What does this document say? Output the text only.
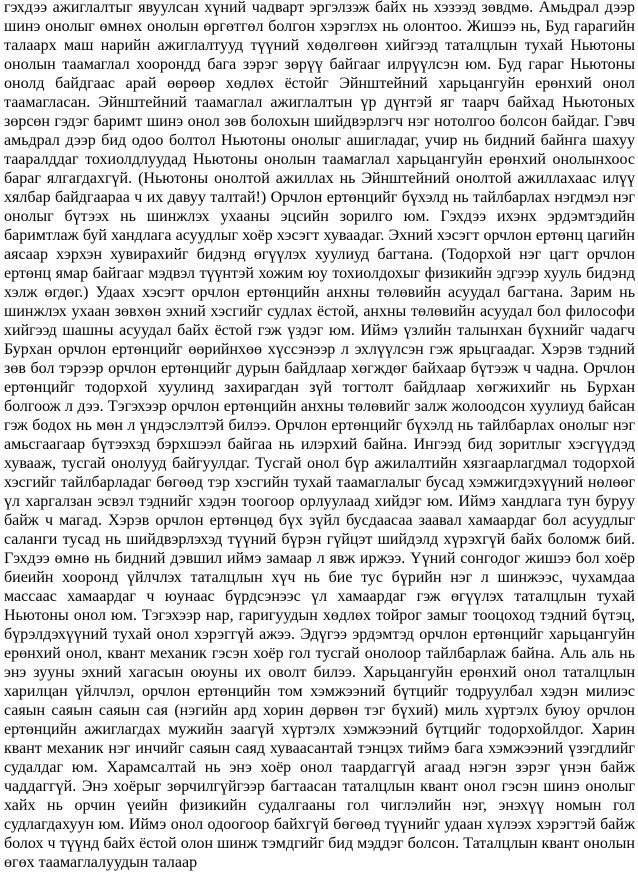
гэхдээ ажиглалтыг явуулсан хүний чадварт эргэлзэж байх нь хэзээд зөвдмө. Амьдрал дээр шинэ онолыг өмнөх онолын өргөтгөл болгон хэрэглэх нь олонтоо. Жишээ нь, Буд гарагийн талаарх маш нарийн ажиглалтууд түүний хөдөлгөөн хийгээд таталцлын тухай Ньютоны онолын таамаглал хоорондд бага зэрэг зөрүү байгааг илрүүлсэн юм. Буд гараг Ньютоны онолд байдгаас арай өөрөөр хөдлөх ёстойг Эйнштейний харьцангуйн ерөнхий онол таамагласан. Эйнштейний таамаглал ажиглалтын үр дүнтэй яг таарч байхад Ньютоных зөрсөн гэдэг баримт шинэ онол зөв болохын шийдвэрлэгч нэг нотолгоо болсон байдаг. Гэвч амьдрал дээр бид одоо болтол Ньютоны онолыг ашигладаг, учир нь бидний байнга шахуу тааралддаг тохиолдлуудад Ньютоны онолын таамаглал харьцангуйн ерөнхий онолынхоос бараг ялгагдахгүй. (Ньютоны онолтой ажиллах нь Эйнштейний онолтой ажиллахаас илүү хялбар байдгаараа ч их давуу талтай!) Орчлон ертөнцийг бүхэлд нь тайлбарлах нэгдмэл нэг онолыг бүтээх нь шинжлэх ухааны эцсийн зорилго юм. Гэхдээ ихэнх эрдэмтэдийн баримтлаж буй хандлага асуудлыг хоёр хэсэгт хуваадаг. Эхний хэсэгт орчлон ертөнц цагийн аясаар хэрхэн хувирахийг бидэнд өгүүлэх хуулиуд багтана. (Тодорхой нэг цагт орчлон ертөнц ямар байгааг мэдвэл түүнтэй хожим юу тохиолдохыг физикийн эдгээр хууль бидэнд хэлж өгдөг.) Удаах хэсэгт орчлон ертөнцийн анхны төлөвийн асуудал багтана. Зарим нь шинжлэх ухаан зөвхөн эхний хэсгийг судлах ёстой, анхны төлөвийн асуудал бол философи хийгээд шашны асуудал байх ёстой гэж үздэг юм. Иймэ үзлийн талынхан бүхнийг чадагч Бурхан орчлон ертөнцийг өөрийнхөө хүссэнээр л эхлүүлсэн гэж ярьцгаадаг. Хэрэв тэдний зөв бол тэрээр орчлон ертөнцийг дурын байдлаар хөгждөг байхаар бүтээж ч чадна. Орчлон ертөнцийг тодорхой хуулинд захирагдан зүй тогтолт байдлаар хөгжихийг нь Бурхан болгоож л дээ. Тэгэхээр орчлон ертөнцийн анхны төлөвийг залж жолоодсон хуулиуд байсан гэж бодох нь мөн л үндэслэлтэй билээ. Орчлон ертөнцийг бүхэлд нь тайлбарлах онолыг нэг амьсгаагаар бүтээхэд бэрхшээл байгаа нь илэрхий байна. Ингээд бид зоритлыг хэсгүүдэд хувааж, тусгай онолууд байгуулдаг. Тусгай онол бүр ажилалтийн хязгаарлагдмал тодорхой хэсгийг тайлбарладаг бөгөөд тэр хэсгийн тухай таамаглалыг бусад хэмжигдэхүүний нөлөөг үл харгалзан эсвэл тэднийг хэдэн тоогоор орлуулаад хийдэг юм. Иймэ хандлага тун буруу байж ч магад. Хэрэв орчлон ертөнцөд бүх зүйл бусдаасаа заавал хамаардаг бол асуудлыг саланги тусад нь шийдвэрлэхэд түүний бүрэн гүйцэт шийдэлд хүрэхгүй байх боломж бий. Гэхдээ өмнө нь бидний дэвшил иймэ замаар л явж иржээ. Үүний сонгодог жишээ бол хоёр биеийн хооронд үйлчлэх таталцлын хүч нь бие тус бүрийн нэг л шинжээс, чухамдаа массаас хамаардаг ч юунаас бүрдсэнээс үл хамаардаг гэж өгүүлэх таталцлын тухай Ньютоны онол юм. Тэгэхээр нар, гаригуудын хөдлөх тойрог замыг тооцоход тэдний бүтэц, бүрэлдэхүүний тухай онол хэрэггүй ажээ. Эдүгээ эрдэмтэд орчлон ертөнцийг харьцангуйн ерөнхий онол, квант механик гэсэн хоёр гол тусгай онолоор тайлбарлаж байна. Аль аль нь энэ зууны эхний хагасын оюуны их оволт билээ. Харьцангуйн ерөнхий онол таталцлын харилцан үйлчлэл, орчлон ертөнцийн том хэмжээний бүтцийг тодруулбал хэдэн милиэс саяын саяын саяын сая (нэгийн ард хорин дөрвөн тэг бүхий) миль хүртэлх буюу орчлон ертөнцийн ажиглагдах мужийн заагүй хүртэлх хэмжээний бүтцийг тодорхойлдог. Харин квант механик нэг инчийг саяын саяд хуваасантай тэнцэх тиймэ бага хэмжээний үзэгдлийг судалдаг юм. Харамсалтай нь энэ хоёр онол таардаггүй агаад нэгэн зэрэг үнэн байж чаддаггүй. Энэ хоёрыг зөрчилгүйгээр багтаасан таталцлын квант онол гэсэн шинэ онолыг хайх нь орчин үеийн физикийн судалгааны гол чиглэлийн нэг, энэхүү номын гол судлагдахуун юм. Иймэ онол одоогоор байхгүй бөгөөд түүнийг удаан хүлээх хэрэгтэй байж болох ч түүнд байх ёстой олон шинж тэмдгийг бид мэддэг болсон. Таталцлын квант онолын өгөх таамаглалуудын талаар
